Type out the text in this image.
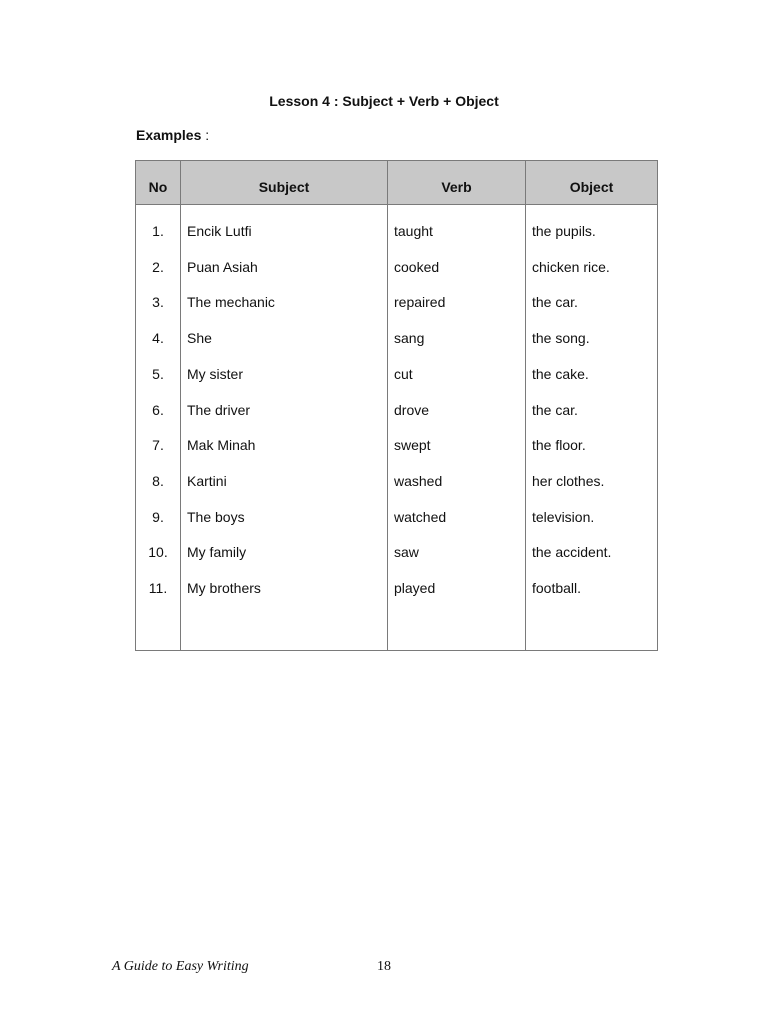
Lesson 4 : Subject + Verb + Object
Examples :
No	Subject	Verb	Object
1.	Encik Lutfi	taught	the pupils.
2.	Puan Asiah	cooked	chicken rice.
3.	The mechanic	repaired	the car.
4.	She	sang	the song.
5.	My sister	cut	the cake.
6.	The driver	drove	the car.
7.	Mak Minah	swept	the floor.
8.	Kartini	washed	her clothes.
9.	The boys	watched	television.
10.	My family	saw	the accident.
11.	My brothers	played	football.
A Guide to Easy Writing	18
